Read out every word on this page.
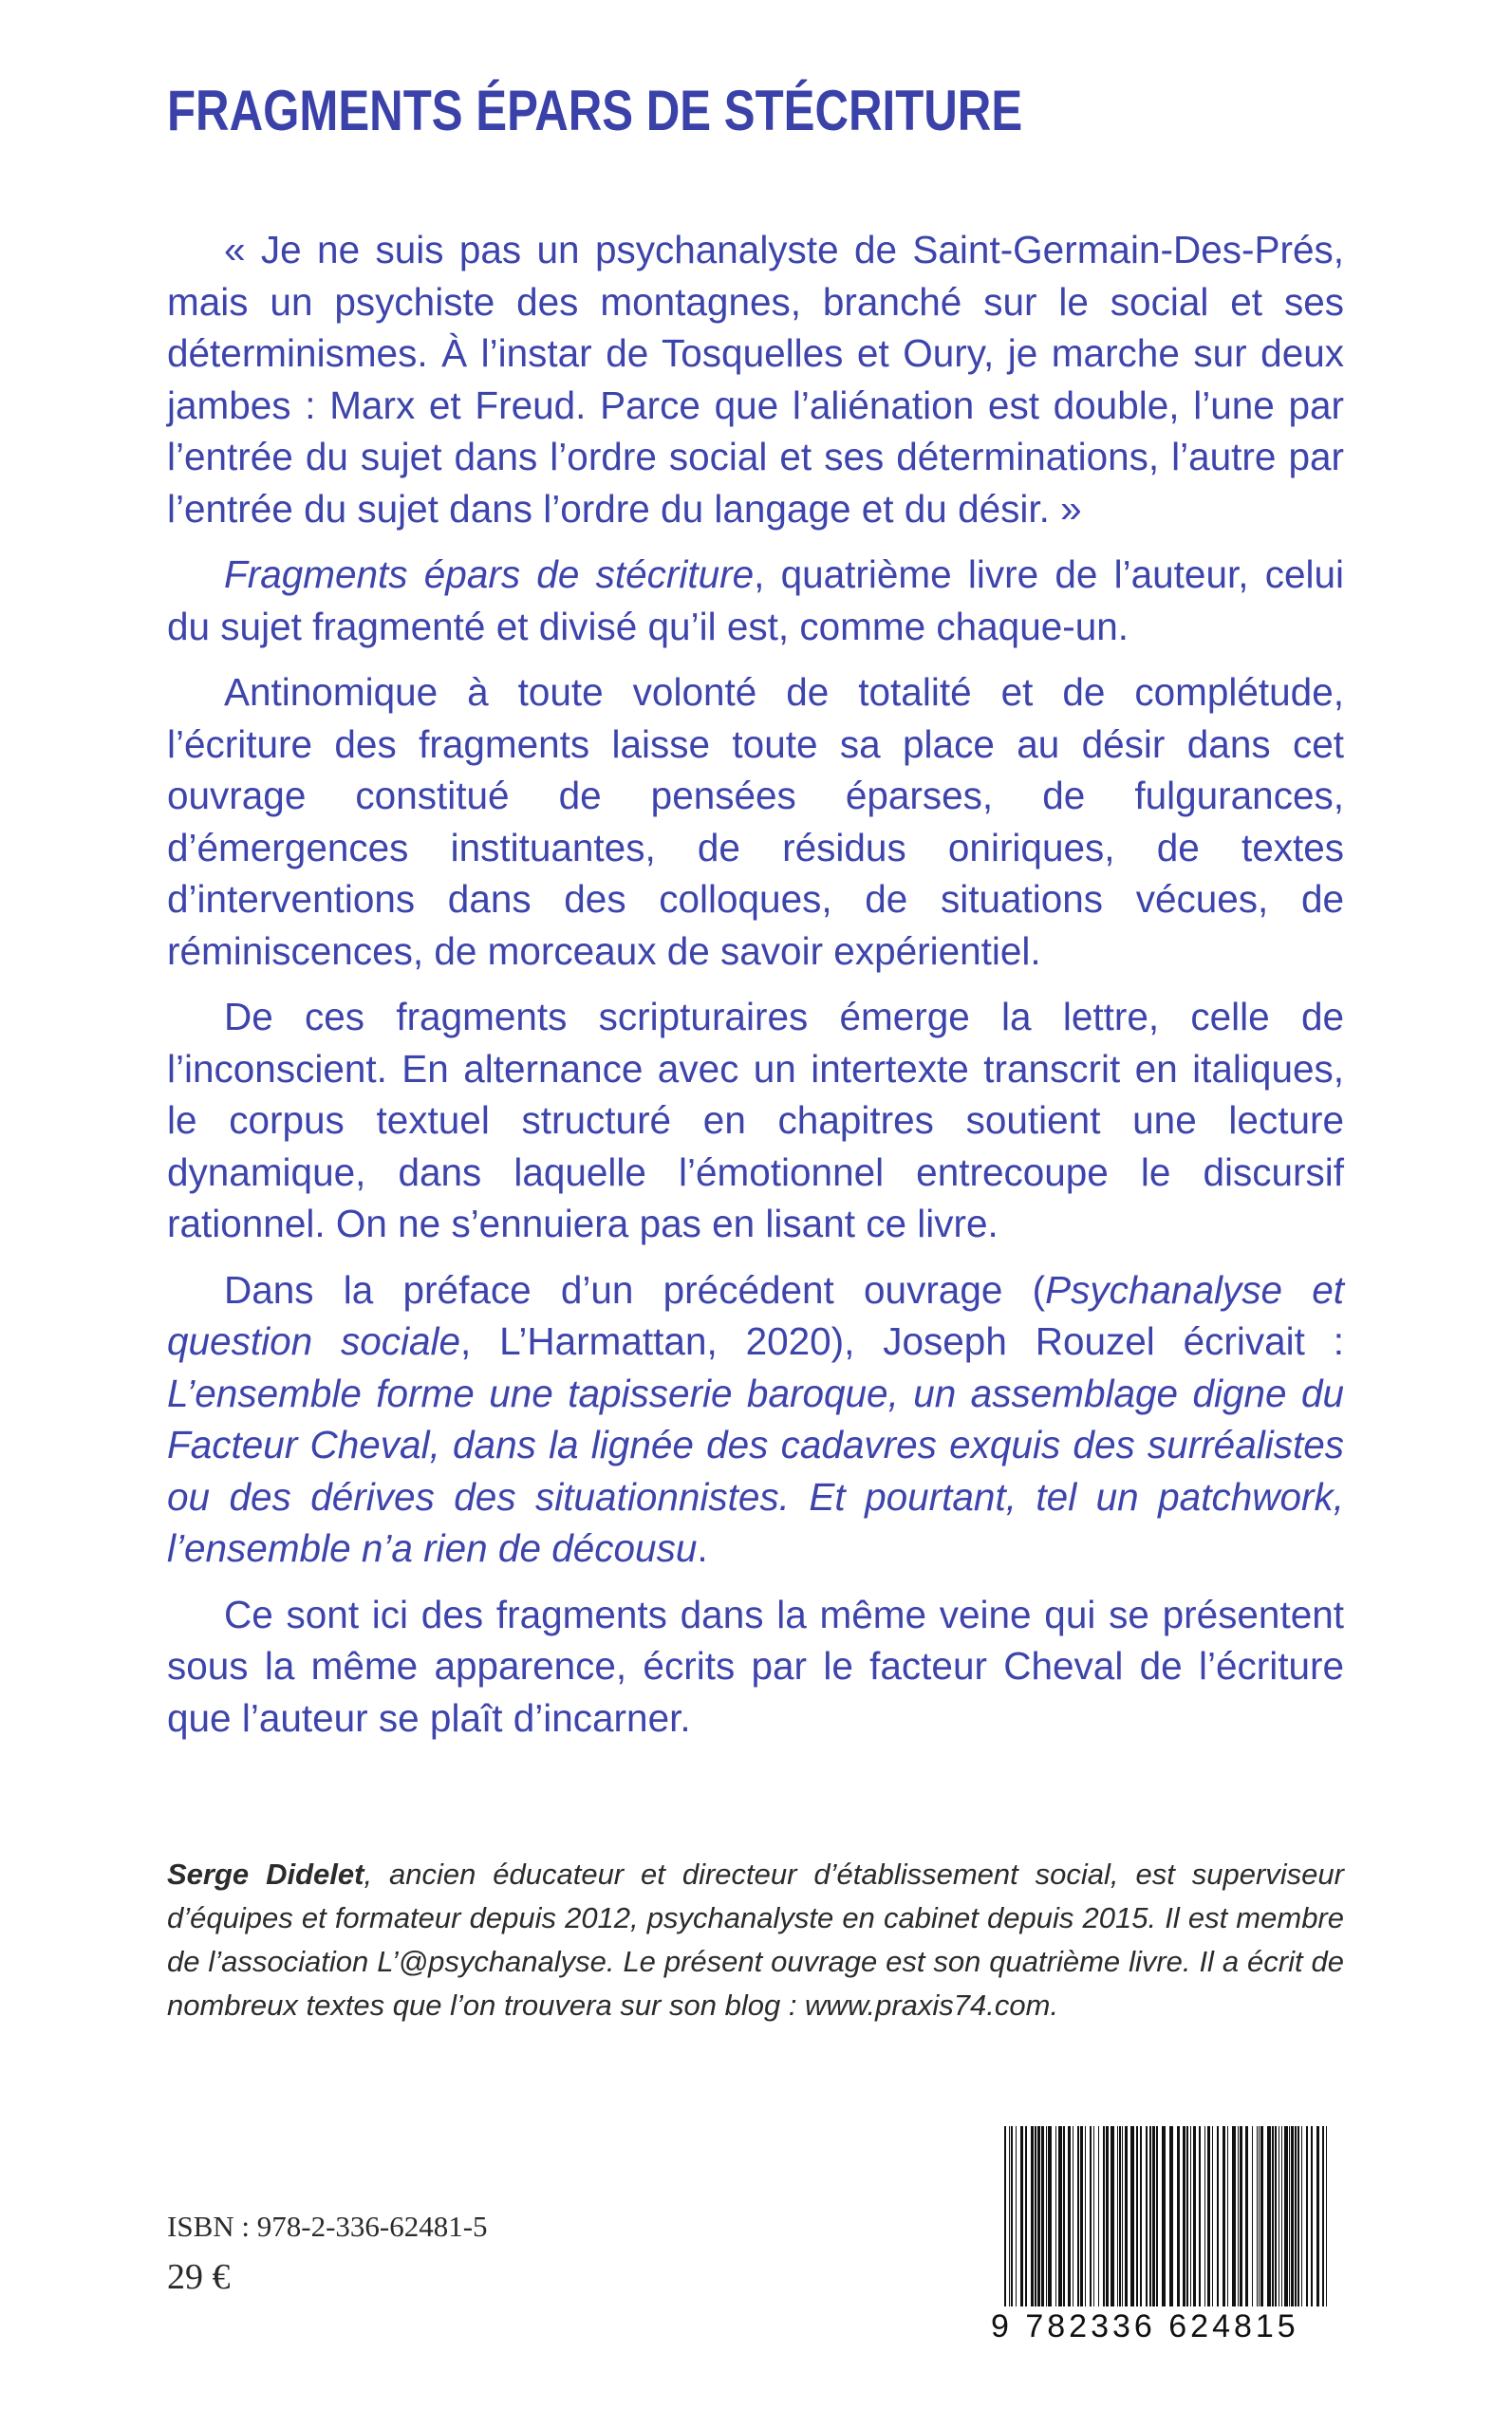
FRAGMENTS ÉPARS DE STÉCRITURE

« Je ne suis pas un psychanalyste de Saint-Germain-Des-Prés, mais un psychiste des montagnes, branché sur le social et ses déterminismes. À l’instar de Tosquelles et Oury, je marche sur deux jambes : Marx et Freud. Parce que l’aliénation est double, l’une par l’entrée du sujet dans l’ordre social et ses déterminations, l’autre par l’entrée du sujet dans l’ordre du langage et du désir. »

Fragments épars de stécriture, quatrième livre de l’auteur, celui du sujet fragmenté et divisé qu’il est, comme chaque-un.

Antinomique à toute volonté de totalité et de complétude, l’écriture des fragments laisse toute sa place au désir dans cet ouvrage constitué de pensées éparses, de fulgurances, d’émergences instituantes, de résidus oniriques, de textes d’interventions dans des colloques, de situations vécues, de réminiscences, de morceaux de savoir expérientiel.

De ces fragments scripturaires émerge la lettre, celle de l’inconscient. En alternance avec un intertexte transcrit en italiques, le corpus textuel structuré en chapitres soutient une lecture dynamique, dans laquelle l’émotionnel entrecoupe le discursif rationnel. On ne s’ennuiera pas en lisant ce livre.

Dans la préface d’un précédent ouvrage (Psychanalyse et question sociale, L’Harmattan, 2020), Joseph Rouzel écrivait : L’ensemble forme une tapisserie baroque, un assemblage digne du Facteur Cheval, dans la lignée des cadavres exquis des surréalistes ou des dérives des situationnistes. Et pourtant, tel un patchwork, l’ensemble n’a rien de décousu.

Ce sont ici des fragments dans la même veine qui se présentent sous la même apparence, écrits par le facteur Cheval de l’écriture que l’auteur se plaît d’incarner.

Serge Didelet, ancien éducateur et directeur d’établissement social, est superviseur d’équipes et formateur depuis 2012, psychanalyste en cabinet depuis 2015. Il est membre de l’association L’@psychanalyse. Le présent ouvrage est son quatrième livre. Il a écrit de nombreux textes que l’on trouvera sur son blog : www.praxis74.com.
ISBN : 978-2-336-62481-5
29 €
9 782336 624815
